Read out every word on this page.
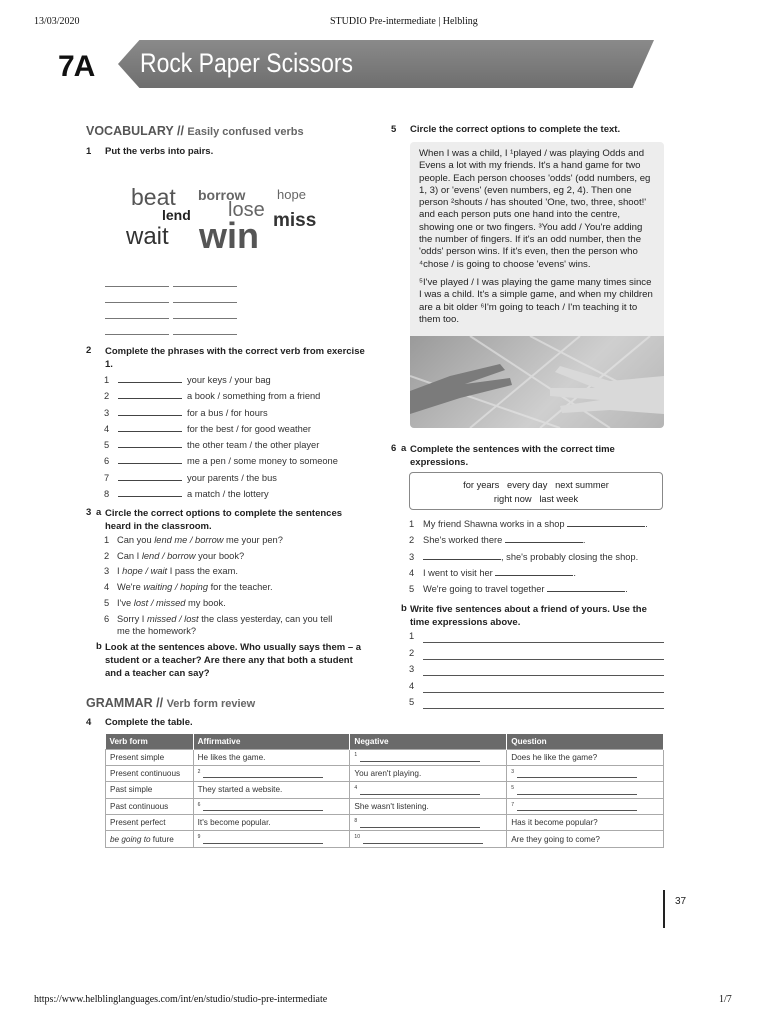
13/03/2020	STUDIO Pre-intermediate | Helbling
https://www.helblinglanguages.com/int/en/studio/studio-pre-intermediate	1/7
7A Rock Paper Scissors
VOCABULARY // Easily confused verbs
1 Put the verbs into pairs.
beat borrow hope
lend lose miss
wait win
2 Complete the phrases with the correct verb from exercise 1.
1	your keys / your bag
2	a book / something from a friend
3	for a bus / for hours
4	for the best / for good weather
5	the other team / the other player
6	me a pen / some money to someone
7	your parents / the bus
8	a match / the lottery
3 a Circle the correct options to complete the sentences heard in the classroom.
1 Can you lend me / borrow me your pen?
2 Can I lend / borrow your book?
3 I hope / wait I pass the exam.
4 We're waiting / hoping for the teacher.
5 I've lost / missed my book.
6 Sorry I missed / lost the class yesterday, can you tell
me the homework?
b Look at the sentences above. Who usually says them – a student or a teacher? Are there any that both a student and a teacher can say?
GRAMMAR // Verb form review
4 Complete the table.
Verb form	Affirmative	Negative	Question
Present simple	He likes the game.	$^1$	Does he like the game?
Present continuous	$^2$	You aren't playing.	$^3$
Past simple	They started a website.	$^4$	$^5$
Past continuous	$^6$	She wasn't listening.	$^7$
Present perfect	It's become popular.	$^8$	Has it become popular?
be going to future	$^9$	$^{10}$	Are they going to come?
5 Circle the correct options to complete the text.
When I was a child, I ¹played / was playing Odds and Evens a lot with my friends. It's a hand game for two people. Each person chooses 'odds' (odd numbers, eg 1, 3) or 'evens' (even numbers, eg 2, 4). Then one person ²shouts / has shouted 'One, two, three, shoot!' and each person puts one hand into the centre, showing one or two fingers. ³You add / You're adding the number of fingers. If it's an odd number, then the 'odds' person wins. If it's even, then the person who ⁴chose / is going to choose 'evens' wins.
⁵I've played / I was playing the game many times since I was a child. It's a simple game, and when my children are a bit older ⁶I'm going to teach / I'm teaching it to them too.
6 a Complete the sentences with the correct time expressions.
for years   every day   next summer
right now   last week
1 My friend Shawna works in a shop	.
2 She's worked there	.
3	, she's probably closing the shop.
4 I went to visit her	.
5 We're going to travel together	.
b Write five sentences about a friend of yours. Use the time expressions above.
1
2
3
4
5
37
